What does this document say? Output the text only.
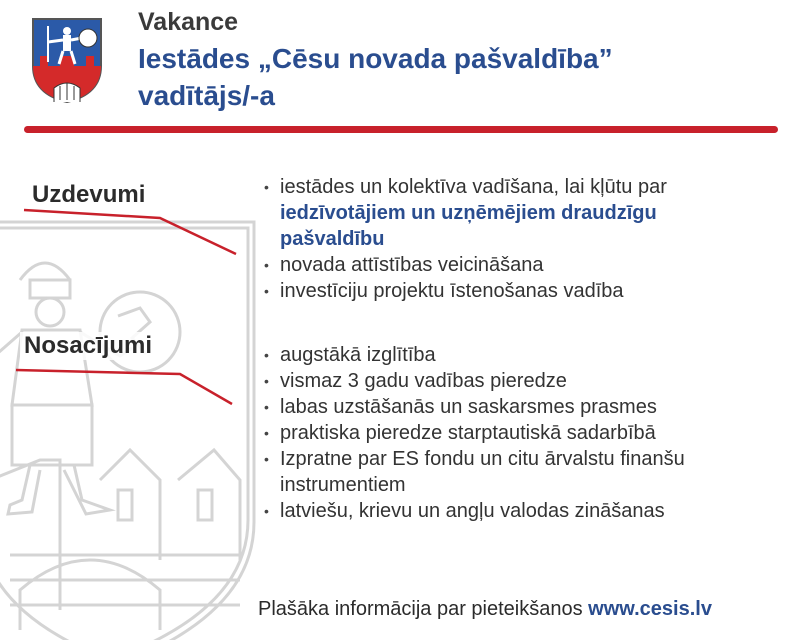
Vakance
Iestādes „Cēsu novada pašvaldība”
vadītājs/-a
Uzdevumi
Nosacījumi
• iestādes un kolektīva vadīšana, lai kļūtu par iedzīvotājiem un uzņēmējiem draudzīgu pašvaldību
• novada attīstības veicināšana
• investīciju projektu īstenošanas vadība
• augstākā izglītība
• vismaz 3 gadu vadības pieredze
• labas uzstāšanās un saskarsmes prasmes
• praktiska pieredze starptautiskā sadarbībā
• Izpratne par ES fondu un citu ārvalstu finanšu instrumentiem
• latviešu, krievu un angļu valodas zināšanas
Plašāka informācija par pieteikšanos www.cesis.lv
